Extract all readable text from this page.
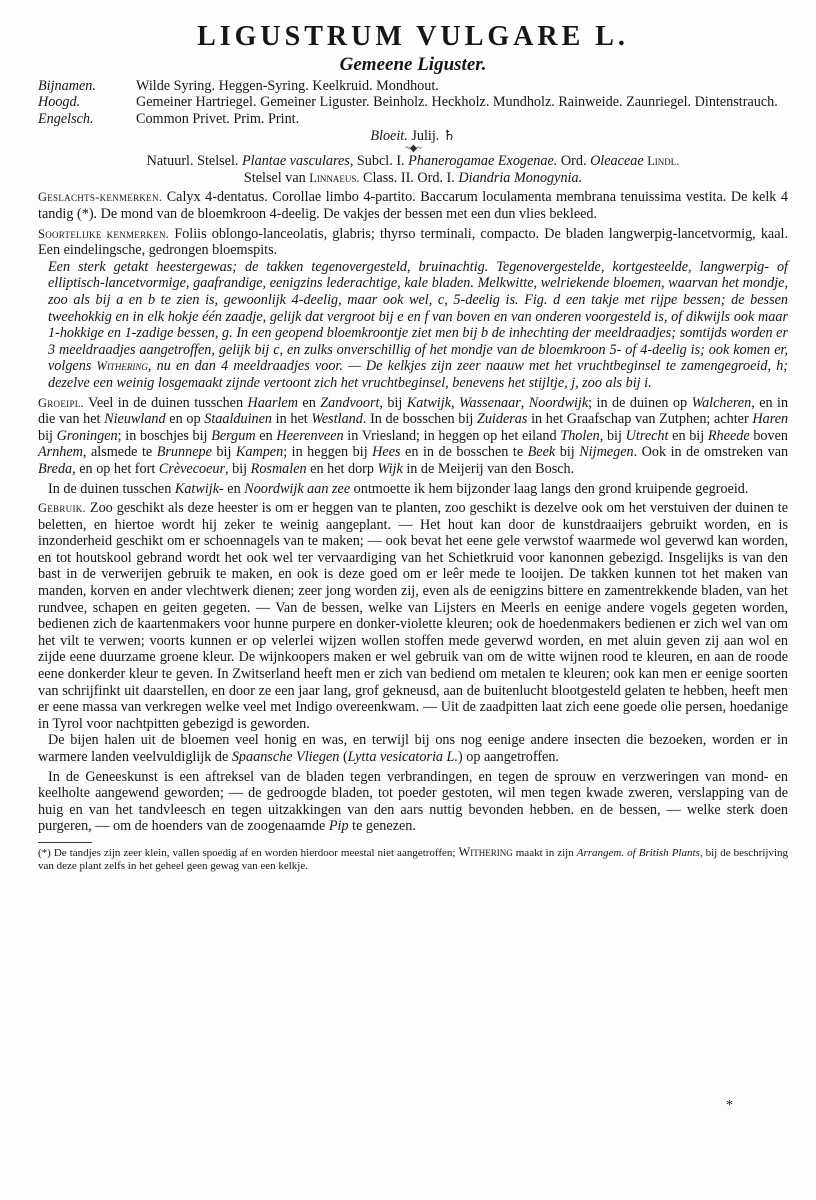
LIGUSTRUM VULGARE L.
Gemeene Liguster.
Bijnamen.	Wilde Syring. Heggen-Syring. Keelkruid. Mondhout.
Hoogd.	Gemeiner Hartriegel. Gemeiner Liguster. Beinholz. Heckholz. Mundholz. Rainweide. Zaunriegel. Dintenstrauch.
Engelsch.	Common Privet. Prim. Print.
Bloeit. Julij. ♄
~◆~

Natuurl. Stelsel. Plantae vasculares, Subcl. I. Phanerogamae Exogenae. Ord. Oleaceae Lindl.
Stelsel van Linnaeus. Class. II. Ord. I. Diandria Monogynia.

Geslachts-kenmerken. Calyx 4-dentatus. Corollae limbo 4-partito. Baccarum loculamenta membrana tenuissima vestita. De kelk 4 tandig (*). De mond van de bloemkroon 4-deelig. De vakjes der bessen met een dun vlies bekleed.

Soortelijke kenmerken. Foliis oblongo-lanceolatis, glabris; thyrso terminali, compacto. De bladen langwerpig-lancetvormig, kaal. Een eindelingsche, gedrongen bloemspits.

Een sterk getakt heestergewas; de takken tegenovergesteld, bruinachtig. Tegenovergestelde, kortgesteelde, langwerpig- of elliptisch-lancetvormige, gaafrandige, eenigzins lederachtige, kale bladen. Melkwitte, welriekende bloemen, waarvan het mondje, zoo als bij a en b te zien is, gewoonlijk 4-deelig, maar ook wel, c, 5-deelig is. Fig. d een takje met rijpe bessen; de bessen tweehokkig en in elk hokje één zaadje, gelijk dat vergroot bij e en f van boven en van onderen voorgesteld is, of dikwijls ook maar 1-hokkige en 1-zadige bessen, g. In een geopend bloemkroontje ziet men bij b de inhechting der meeldraadjes; somtijds worden er 3 meeldraadjes aangetroffen, gelijk bij c, en zulks onverschillig of het mondje van de bloemkroon 5- of 4-deelig is; ook komen er, volgens Withering, nu en dan 4 meeldraadjes voor. — De kelkjes zijn zeer naauw met het vruchtbeginsel te zamengegroeid, h; dezelve een weinig losgemaakt zijnde vertoont zich het vruchtbeginsel, benevens het stijltje, j, zoo als bij i.

Groeipl. Veel in de duinen tusschen Haarlem en Zandvoort, bij Katwijk, Wassenaar, Noordwijk; in de duinen op Walcheren, en in die van het Nieuwland en op Staalduinen in het Westland. In de bosschen bij Zuideras in het Graafschap van Zutphen; achter Haren bij Groningen; in boschjes bij Bergum en Heerenveen in Vriesland; in heggen op het eiland Tholen, bij Utrecht en bij Rheede boven Arnhem, alsmede te Brunnepe bij Kampen; in heggen bij Hees en in de bosschen te Beek bij Nijmegen. Ook in de omstreken van Breda, en op het fort Crèvecoeur, bij Rosmalen en het dorp Wijk in de Meijerij van den Bosch.

In de duinen tusschen Katwijk- en Noordwijk aan zee ontmoette ik hem bijzonder laag langs den grond kruipende gegroeid.

Gebruik. Zoo geschikt als deze heester is om er heggen van te planten, zoo geschikt is dezelve ook om het verstuiven der duinen te beletten, en hiertoe wordt hij zeker te weinig aangeplant. — Het hout kan door de kunstdraaijers gebruikt worden, en is inzonderheid geschikt om er schoennagels van te maken; — ook bevat het eene gele verwstof waarmede wol geverwd kan worden, en tot houtskool gebrand wordt het ook wel ter vervaardiging van het Schietkruid voor kanonnen gebezigd. Insgelijks is van den bast in de verwerijen gebruik te maken, en ook is deze goed om er leêr mede te looijen. De takken kunnen tot het maken van manden, korven en ander vlechtwerk dienen; zeer jong worden zij, even als de eenigzins bittere en zamentrekkende bladen, van het rundvee, schapen en geiten gegeten. — Van de bessen, welke van Lijsters en Meerls en eenige andere vogels gegeten worden, bedienen zich de kaartenmakers voor hunne purpere en donker-violette kleuren; ook de hoedenmakers bedienen er zich wel van om het vilt te verwen; voorts kunnen er op velerlei wijzen wollen stoffen mede geverwd worden, en met aluin geven zij aan wol en zijde eene duurzame groene kleur. De wijnkoopers maken er wel gebruik van om de witte wijnen rood te kleuren, en aan de roode eene donkerder kleur te geven. In Zwitserland heeft men er zich van bediend om metalen te kleuren; ook kan men er eenige soorten van schrijfinkt uit daarstellen, en door ze een jaar lang, grof gekneusd, aan de buitenlucht blootgesteld gelaten te hebben, heeft men er eene massa van verkregen welke veel met Indigo overeenkwam. — Uit de zaadpitten laat zich eene goede olie persen, hoedanige in Tyrol voor nachtpitten gebezigd is geworden.

De bijen halen uit de bloemen veel honig en was, en terwijl bij ons nog eenige andere insecten die bezoeken, worden er in warmere landen veelvuldiglijk de Spaansche Vliegen (Lytta vesicatoria L.) op aangetroffen.

In de Geneeskunst is een aftreksel van de bladen tegen verbrandingen, en tegen de sprouw en verzweringen van mond- en keelholte aangewend geworden; — de gedroogde bladen, tot poeder gestoten, wil men tegen kwade zweren, verslapping van de huig en van het tandvleesch en tegen uitzakkingen van den aars nuttig bevonden hebben. en de bessen, — welke sterk doen purgeren, — om de hoenders van de zoogenaamde Pip te genezen.

(*) De tandjes zijn zeer klein, vallen spoedig af en worden hierdoor meestal niet aangetroffen; Withering maakt in zijn Arrangem. of British Plants, bij de beschrijving van deze plant zelfs in het geheel geen gewag van een kelkje.

*
